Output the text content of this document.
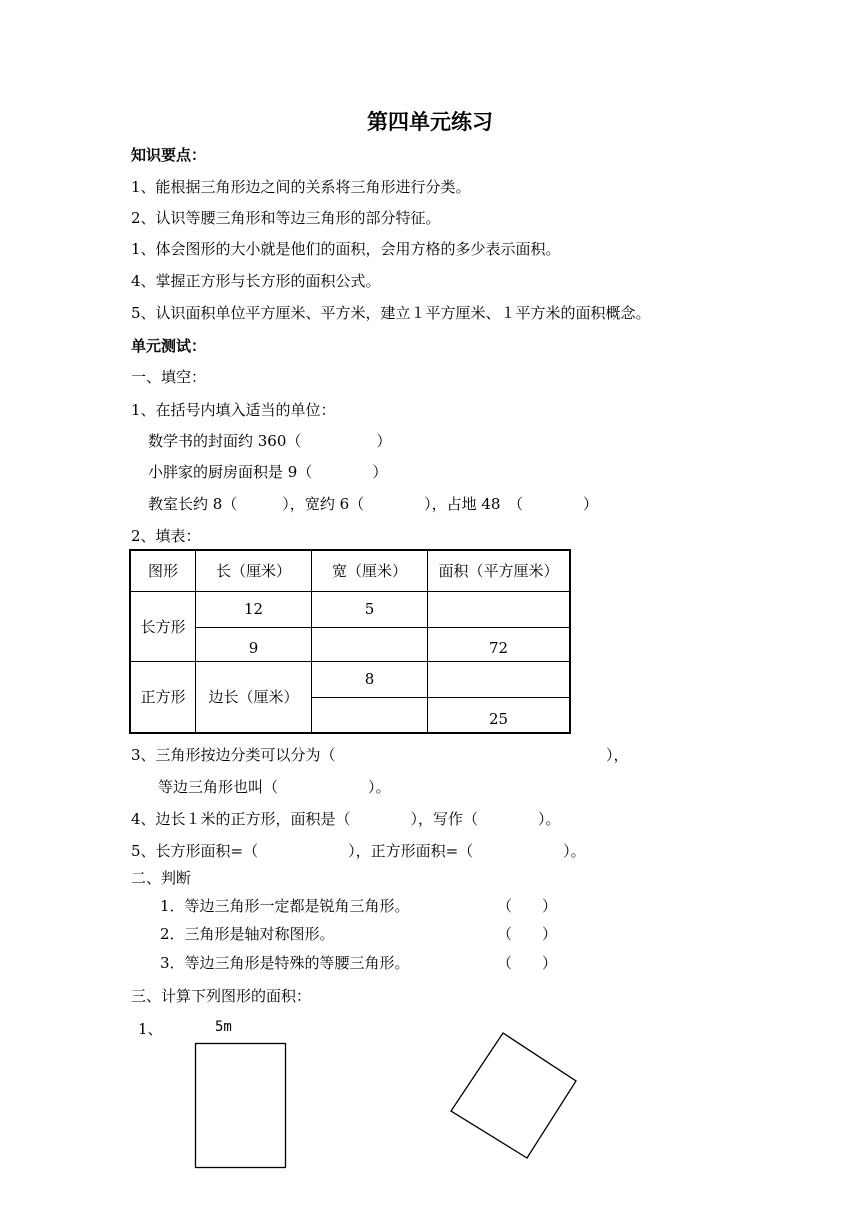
第四单元练习
知识要点：
1、能根据三角形边之间的关系将三角形进行分类。
2、认识等腰三角形和等边三角形的部分特征。
1、体会图形的大小就是他们的面积，会用方格的多少表示面积。
4、掌握正方形与长方形的面积公式。
5、认识面积单位平方厘米、平方米，建立１平方厘米、１平方米的面积概念。
单元测试：
一、填空：
1、在括号内填入适当的单位：
数学书的封面约 360（　　　　　）
小胖家的厨房面积是 9（　　　　）
教室长约 8（　　　），宽约 6（　　　　），占地 48　（　　　　）
2、填表：
图形	长（厘米）	宽（厘米）	面积（平方厘米）
长方形	12	5	
	9		72
正方形	边长（厘米）	8	
			25
3、三角形按边分类可以分为（	），
等边三角形也叫（　　　　　　）。
4、边长１米的正方形，面积是（　　　　），写作（　　　　）。
5、长方形面积=（　　　　　　），正方形面积=（　　　　　　）。
二、判断
1．等边三角形一定都是锐角三角形。	（　　）
2．三角形是轴对称图形。	（　　）
3．等边三角形是特殊的等腰三角形。	（　　）
三、计算下列图形的面积：
1、	5m
